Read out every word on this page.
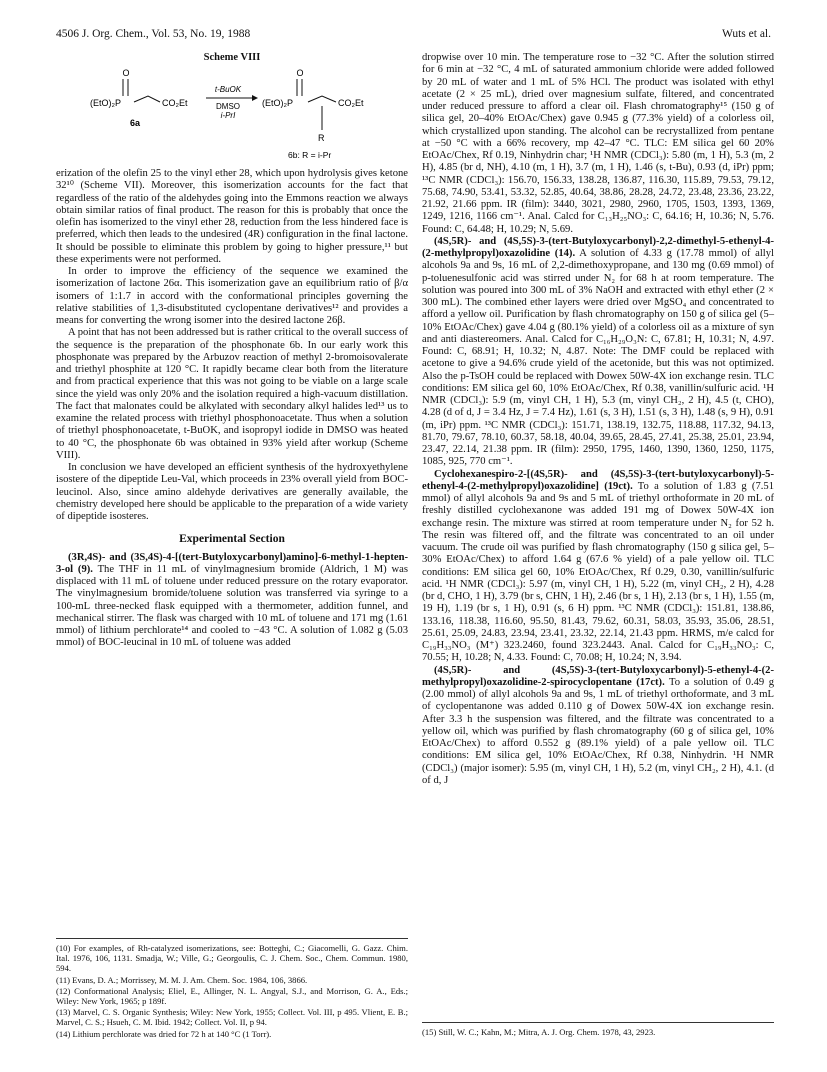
4506 J. Org. Chem., Vol. 53, No. 19, 1988	Wuts et al.
Scheme VIII
O
(EtO)₂P	CO₂Et
6a
t-BuOK
DMSO
i-PrI
O
(EtO)₂P	CO₂Et
R
6b: R = i-Pr

erization of the olefin 25 to the vinyl ether 28, which upon hydrolysis gives ketone 32¹⁰ (Scheme VII). Moreover, this isomerization accounts for the fact that regardless of the ratio of the aldehydes going into the Emmons reaction we always obtain similar ratios of final product. The reason for this is probably that once the olefin has isomerized to the vinyl ether 28, reduction from the less hindered face is preferred, which then leads to the undesired (4R) configuration in the final lactone. It should be possible to eliminate this problem by going to higher pressure,¹¹ but these experiments were not performed.

In order to improve the efficiency of the sequence we examined the isomerization of lactone 26α. This isomerization gave an equilibrium ratio of β/α isomers of 1:1.7 in accord with the conformational principles governing the relative stabilities of 1,3-disubstituted cyclopentane derivatives¹² and provides a means for converting the wrong isomer into the desired lactone 26β.

A point that has not been addressed but is rather critical to the overall success of the sequence is the preparation of the phosphonate 6b. In our early work this phosphonate was prepared by the Arbuzov reaction of methyl 2-bromoisovalerate and triethyl phosphite at 120 °C. It rapidly became clear both from the literature and from practical experience that this was not going to be viable on a large scale since the yield was only 20% and the isolation required a high-vacuum distillation. The fact that malonates could be alkylated with secondary alkyl halides led¹³ us to examine the related process with triethyl phosphonoacetate. Thus when a solution of triethyl phosphonoacetate, t-BuOK, and isopropyl iodide in DMSO was heated to 40 °C, the phosphonate 6b was obtained in 93% yield after workup (Scheme VIII).

In conclusion we have developed an efficient synthesis of the hydroxyethylene isostere of the dipeptide Leu-Val, which proceeds in 23% overall yield from BOC-leucinol. Also, since amino aldehyde derivatives are generally available, the chemistry developed here should be applicable to the preparation of a wide variety of dipeptide isosteres.

Experimental Section

(3R,4S)- and (3S,4S)-4-[(tert-Butyloxycarbonyl)amino]-6-methyl-1-hepten-3-ol (9). The THF in 11 mL of vinylmagnesium bromide (Aldrich, 1 M) was displaced with 11 mL of toluene under reduced pressure on the rotary evaporator. The vinylmagnesium bromide/toluene solution was transferred via syringe to a 100-mL three-necked flask equipped with a thermometer, addition funnel, and mechanical stirrer. The flask was charged with 10 mL of toluene and 171 mg (1.61 mmol) of lithium perchlorate¹⁴ and cooled to −43 °C. A solution of 1.082 g (5.03 mmol) of BOC-leucinal in 10 mL of toluene was added

(10) For examples, of Rh-catalyzed isomerizations, see: Botteghi, C.; Giacomelli, G. Gazz. Chim. Ital. 1976, 106, 1131. Smadja, W.; Ville, G.; Georgoulis, C. J. Chem. Soc., Chem. Commun. 1980, 594.
(11) Evans, D. A.; Morrissey, M. M. J. Am. Chem. Soc. 1984, 106, 3866.
(12) Conformational Analysis; Eliel, E., Allinger, N. L. Angyal, S.J., and Morrison, G. A., Eds.; Wiley: New York, 1965; p 189f.
(13) Marvel, C. S. Organic Synthesis; Wiley: New York, 1955; Collect. Vol. III, p 495. Vlient, E. B.; Marvel, C. S.; Hsueh, C. M. Ibid. 1942; Collect. Vol. II, p 94.
(14) Lithium perchlorate was dried for 72 h at 140 °C (1 Torr).

dropwise over 10 min. The temperature rose to −32 °C. After the solution stirred for 6 min at −32 °C, 4 mL of saturated ammonium chloride were added followed by 20 mL of water and 1 mL of 5% HCl. The product was isolated with ethyl acetate (2 × 25 mL), dried over magnesium sulfate, filtered, and concentrated under reduced pressure to afford a clear oil. Flash chromatography¹⁵ (150 g of silica gel, 20–40% EtOAc/Chex) gave 0.945 g (77.3% yield) of a colorless oil, which crystallized upon standing. The alcohol can be recrystallized from pentane at −50 °C with a 66% recovery, mp 42–47 °C. TLC: EM silica gel 60 20% EtOAc/Chex, Rf 0.19, Ninhydrin char; ¹H NMR (CDCl₃): 5.80 (m, 1 H), 5.3 (m, 2 H), 4.85 (br d, NH), 4.10 (m, 1 H), 3.7 (m, 1 H), 1.46 (s, t-Bu), 0.93 (d, iPr) ppm; ¹³C NMR (CDCl₃): 156.70, 156.33, 138.28, 136.87, 116.30, 115.89, 79.53, 79.12, 75.68, 74.90, 53.41, 53.32, 52.85, 40.64, 38.86, 28.28, 24.72, 23.48, 23.36, 23.22, 21.92, 21.66 ppm. IR (film): 3440, 3021, 2980, 2960, 1705, 1503, 1393, 1369, 1249, 1216, 1166 cm⁻¹. Anal. Calcd for C₁₃H₂₅NO₃: C, 64.16; H, 10.36; N, 5.76. Found: C, 64.48; H, 10.29; N, 5.69.

(4S,5R)- and (4S,5S)-3-(tert-Butyloxycarbonyl)-2,2-dimethyl-5-ethenyl-4-(2-methylpropyl)oxazolidine (14). A solution of 4.33 g (17.78 mmol) of allyl alcohols 9a and 9s, 16 mL of 2,2-dimethoxypropane, and 130 mg (0.69 mmol) of p-toluenesulfonic acid was stirred under N₂ for 68 h at room temperature. The solution was poured into 300 mL of 3% NaOH and extracted with ethyl ether (2 × 300 mL). The combined ether layers were dried over MgSO₄ and concentrated to afford a yellow oil. Purification by flash chromatography on 150 g of silica gel (5–10% EtOAc/Chex) gave 4.04 g (80.1% yield) of a colorless oil as a mixture of syn and anti diastereomers. Anal. Calcd for C₁₆H₂₉O₃N: C, 67.81; H, 10.31; N, 4.97. Found: C, 68.91; H, 10.32; N, 4.87. Note: The DMF could be replaced with acetone to give a 94.6% crude yield of the acetonide, but this was not optimized. Also the p-TsOH could be replaced with Dowex 50W-4X ion exchange resin. TLC conditions: EM silica gel 60, 10% EtOAc/Chex, Rf 0.38, vanillin/sulfuric acid. ¹H NMR (CDCl₃): 5.9 (m, vinyl CH, 1 H), 5.3 (m, vinyl CH₂, 2 H), 4.5 (t, CHO), 4.28 (d of d, J = 3.4 Hz, J = 7.4 Hz), 1.61 (s, 3 H), 1.51 (s, 3 H), 1.48 (s, 9 H), 0.91 (m, iPr) ppm. ¹³C NMR (CDCl₃): 151.71, 138.19, 132.75, 118.88, 117.32, 94.13, 81.70, 79.67, 78.10, 60.37, 58.18, 40.04, 39.65, 28.45, 27.41, 25.38, 25.01, 23.94, 23.47, 22.14, 21.38 ppm. IR (film): 2950, 1795, 1460, 1390, 1360, 1250, 1175, 1085, 925, 770 cm⁻¹.

Cyclohexanespiro-2-[(4S,5R)- and (4S,5S)-3-(tert-butyloxycarbonyl)-5-ethenyl-4-(2-methylpropyl)oxazolidine] (19ct). To a solution of 1.83 g (7.51 mmol) of allyl alcohols 9a and 9s and 5 mL of triethyl orthoformate in 20 mL of freshly distilled cyclohexanone was added 191 mg of Dowex 50W-4X ion exchange resin. The mixture was stirred at room temperature under N₂ for 52 h. The resin was filtered off, and the filtrate was concentrated to an oil under vacuum. The crude oil was purified by flash chromatography (150 g silica gel, 5–30% EtOAc/Chex) to afford 1.64 g (67.6 % yield) of a pale yellow oil. TLC conditions: EM silica gel 60, 10% EtOAc/Chex, Rf 0.29, 0.30, vanillin/sulfuric acid. ¹H NMR (CDCl₃): 5.97 (m, vinyl CH, 1 H), 5.22 (m, vinyl CH₂, 2 H), 4.28 (br d, CHO, 1 H), 3.79 (br s, CHN, 1 H), 2.46 (br s, 1 H), 2.13 (br s, 1 H), 1.55 (m, 19 H), 1.19 (br s, 1 H), 0.91 (s, 6 H) ppm. ¹³C NMR (CDCl₃): 151.81, 138.86, 133.16, 118.38, 116.60, 95.50, 81.43, 79.62, 60.31, 58.03, 35.93, 35.06, 28.51, 25.61, 25.09, 24.83, 23.94, 23.41, 23.32, 22.14, 21.43 ppm. HRMS, m/e calcd for C₁₉H₃₃NO₃ (M⁺) 323.2460, found 323.2443. Anal. Calcd for C₁₉H₃₃NO₃: C, 70.55; H, 10.28; N, 4.33. Found: C, 70.08; H, 10.24; N, 3.94.

(4S,5R)- and (4S,5S)-3-(tert-Butyloxycarbonyl)-5-ethenyl-4-(2-methylpropyl)oxazolidine-2-spirocyclopentane (17ct). To a solution of 0.49 g (2.00 mmol) of allyl alcohols 9a and 9s, 1 mL of triethyl orthoformate, and 3 mL of cyclopentanone was added 0.110 g of Dowex 50W-4X ion exchange resin. After 3.3 h the suspension was filtered, and the filtrate was concentrated to a yellow oil, which was purified by flash chromatography (60 g of silica gel, 10% EtOAc/Chex) to afford 0.552 g (89.1% yield) of a pale yellow oil. TLC conditions: EM silica gel, 10% EtOAc/Chex, Rf 0.38, Ninhydrin. ¹H NMR (CDCl₃) (major isomer): 5.95 (m, vinyl CH, 1 H), 5.2 (m, vinyl CH₂, 2 H), 4.1. (d of d, J

(15) Still, W. C.; Kahn, M.; Mitra, A. J. Org. Chem. 1978, 43, 2923.
